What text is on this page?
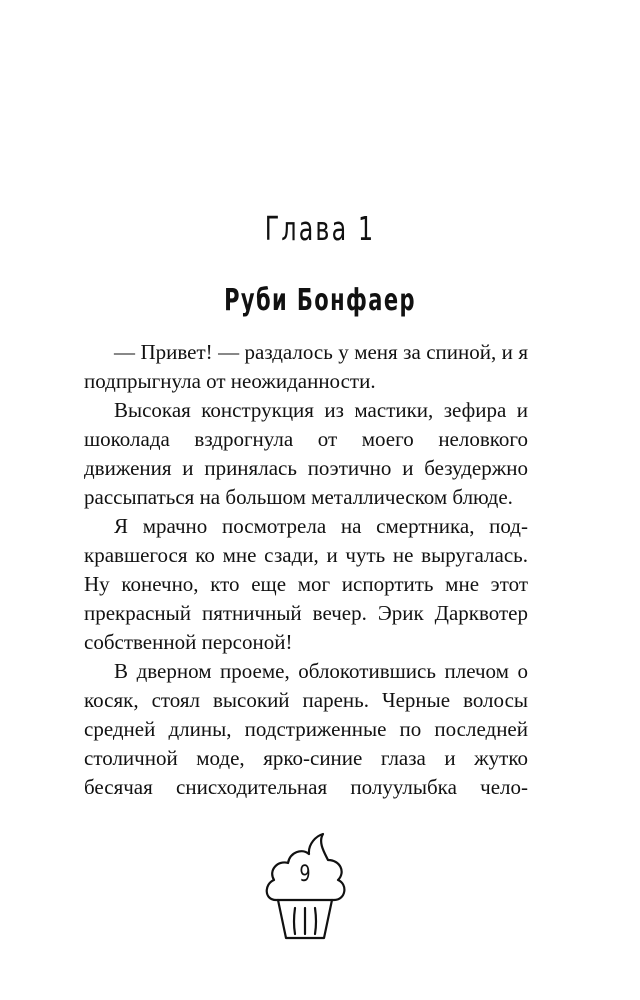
Глава 1
Руби Бонфаер

— Привет! — раздалось у меня за спиной, и я подпрыгнула от неожиданности.

Высокая конструкция из мастики, зефира и шоколада вздрогнула от моего неловкого движения и принялась поэтично и безудержно рассыпаться на большом металлическом блюде.

Я мрачно посмотрела на смертника, подкравшегося ко мне сзади, и чуть не выругалась. Ну конечно, кто еще мог испортить мне этот прекрасный пятничный вечер. Эрик Дарквотер собственной персоной!

В дверном проеме, облокотившись плечом о косяк, стоял высокий парень. Черные волосы средней длины, подстриженные по последней столичной моде, ярко-синие глаза и жутко бесячая снисходительная полуулыбка чело-

9
